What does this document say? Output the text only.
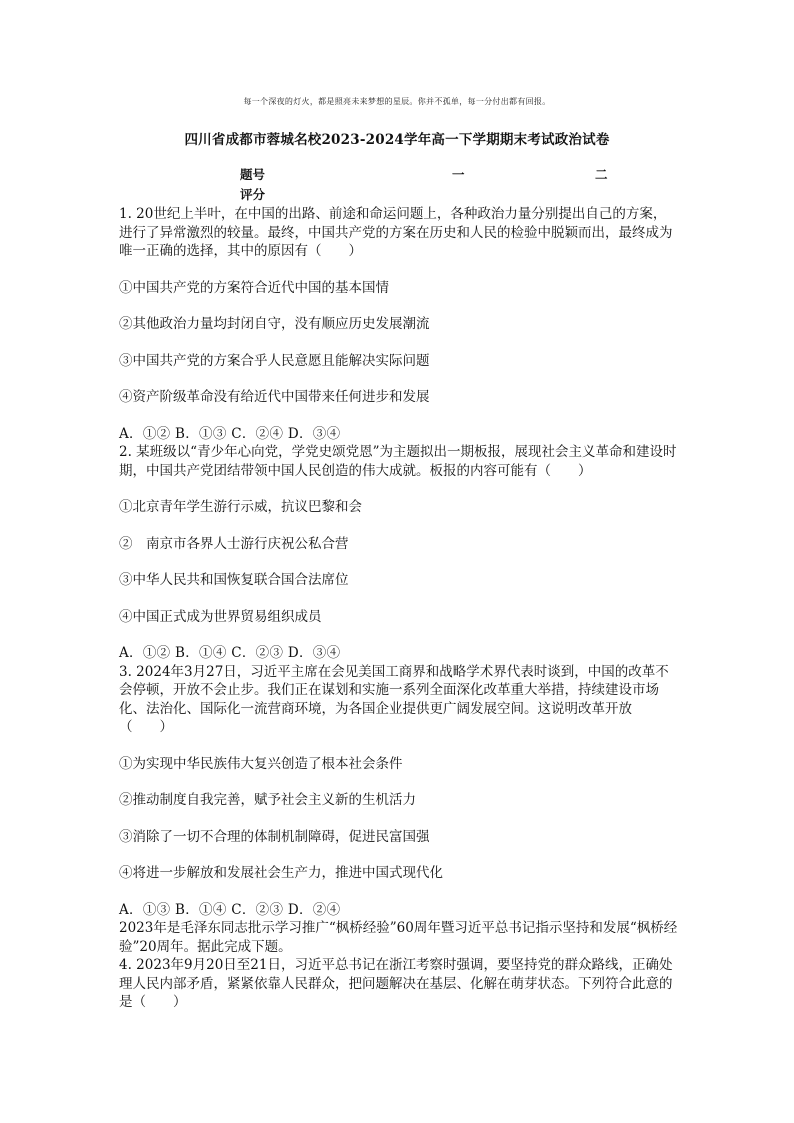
每一个深夜的灯火，都是照亮未来梦想的星辰。你并不孤单，每一分付出都有回报。
四川省成都市蓉城名校2023-2024学年高一下学期期末考试政治试卷
题号	一	二
评分

1. 20世纪上半叶，在中国的出路、前途和命运问题上，各种政治力量分别提出自己的方案，进行了异常激烈的较量。最终，中国共产党的方案在历史和人民的检验中脱颖而出，最终成为唯一正确的选择，其中的原因有（　　）

①中国共产党的方案符合近代中国的基本国情

②其他政治力量均封闭自守，没有顺应历史发展潮流

③中国共产党的方案合乎人民意愿且能解决实际问题

④资产阶级革命没有给近代中国带来任何进步和发展

A．①② B．①③ C．②④ D．③④

2. 某班级以“青少年心向党，学党史颂党恩”为主题拟出一期板报，展现社会主义革命和建设时期，中国共产党团结带领中国人民创造的伟大成就。板报的内容可能有（　　）

①北京青年学生游行示威，抗议巴黎和会

②　南京市各界人士游行庆祝公私合营

③中华人民共和国恢复联合国合法席位

④中国正式成为世界贸易组织成员

A．①② B．①④ C．②③ D．③④

3. 2024年3月27日，习近平主席在会见美国工商界和战略学术界代表时谈到，中国的改革不会停顿，开放不会止步。我们正在谋划和实施一系列全面深化改革重大举措，持续建设市场化、法治化、国际化一流营商环境，为各国企业提供更广阔发展空间。这说明改革开放（　　）

①为实现中华民族伟大复兴创造了根本社会条件

②推动制度自我完善，赋予社会主义新的生机活力

③消除了一切不合理的体制机制障碍，促进民富国强

④将进一步解放和发展社会生产力，推进中国式现代化

A．①③ B．①④ C．②③ D．②④

2023年是毛泽东同志批示学习推广“枫桥经验”60周年暨习近平总书记指示坚持和发展“枫桥经验”20周年。据此完成下题。

4. 2023年9月20日至21日，习近平总书记在浙江考察时强调，要坚持党的群众路线，正确处理人民内部矛盾，紧紧依靠人民群众，把问题解决在基层、化解在萌芽状态。下列符合此意的是（　　）
